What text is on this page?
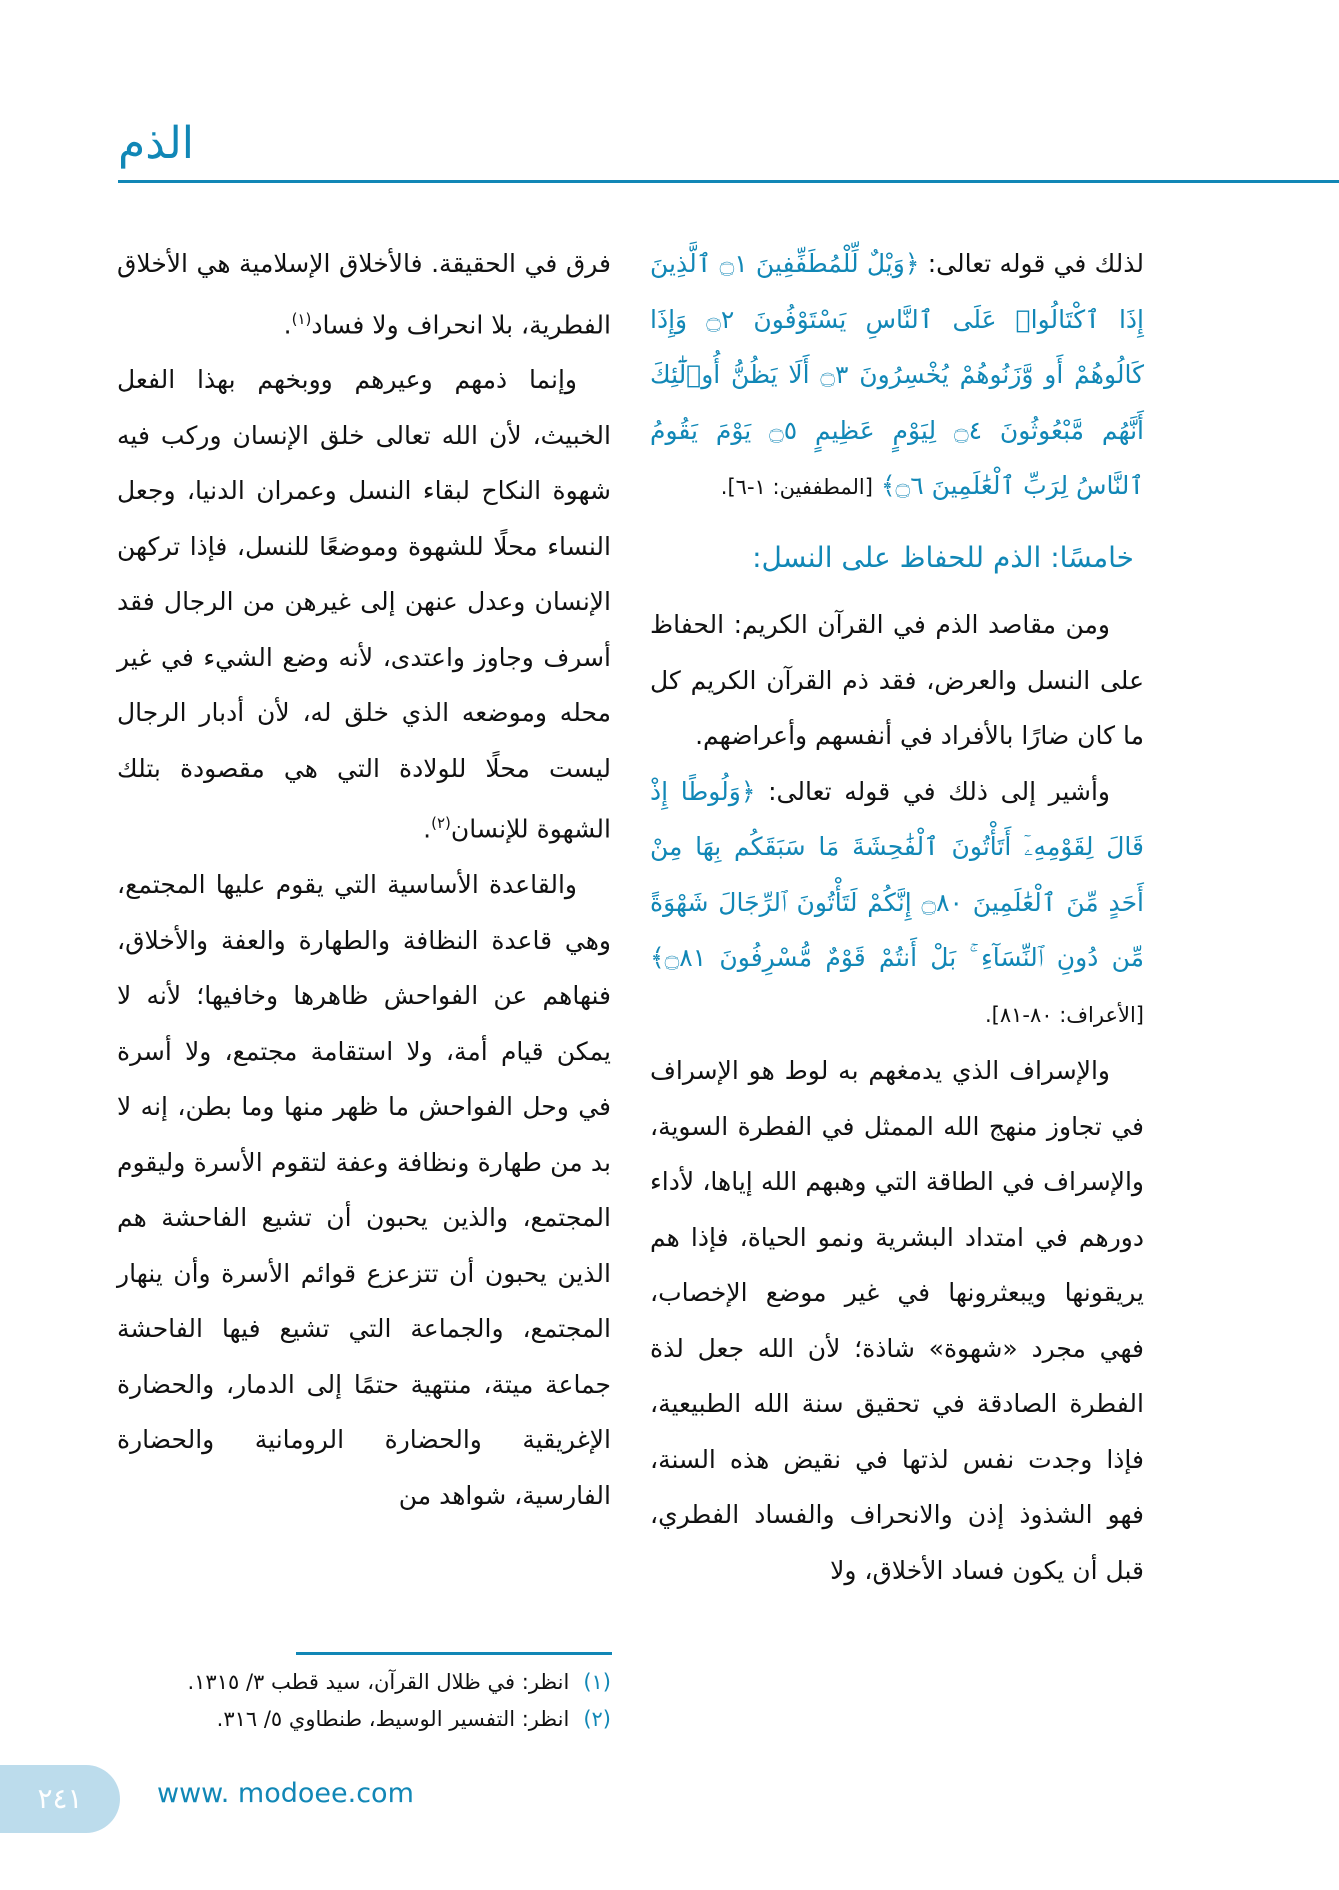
الذم

لذلك في قوله تعالى: ﴿وَيْلٌ لِّلْمُطَفِّفِينَ ۝١ ٱلَّذِينَ إِذَا ٱكْتَالُوا۟ عَلَى ٱلنَّاسِ يَسْتَوْفُونَ ۝٢ وَإِذَا كَالُوهُمْ أَو وَّزَنُوهُمْ يُخْسِرُونَ ۝٣ أَلَا يَظُنُّ أُو۟لَٰٓئِكَ أَنَّهُم مَّبْعُوثُونَ ۝٤ لِيَوْمٍ عَظِيمٍ ۝٥ يَوْمَ يَقُومُ ٱلنَّاسُ لِرَبِّ ٱلْعَٰلَمِينَ ۝٦﴾ [المطففين: ١-٦].

خامسًا: الذم للحفاظ على النسل:

ومن مقاصد الذم في القرآن الكريم: الحفاظ على النسل والعرض، فقد ذم القرآن الكريم كل ما كان ضارًا بالأفراد في أنفسهم وأعراضهم.

وأشير إلى ذلك في قوله تعالى: ﴿وَلُوطًا إِذْ قَالَ لِقَوْمِهِۦٓ أَتَأْتُونَ ٱلْفَٰحِشَةَ مَا سَبَقَكُم بِهَا مِنْ أَحَدٍ مِّنَ ٱلْعَٰلَمِينَ ۝٨٠ إِنَّكُمْ لَتَأْتُونَ ٱلرِّجَالَ شَهْوَةً مِّن دُونِ ٱلنِّسَآءِ ۚ بَلْ أَنتُمْ قَوْمٌ مُّسْرِفُونَ ۝٨١﴾ [الأعراف: ٨٠-٨١].

والإسراف الذي يدمغهم به لوط هو الإسراف في تجاوز منهج الله الممثل في الفطرة السوية، والإسراف في الطاقة التي وهبهم الله إياها، لأداء دورهم في امتداد البشرية ونمو الحياة، فإذا هم يريقونها ويبعثرونها في غير موضع الإخصاب، فهي مجرد «شهوة» شاذة؛ لأن الله جعل لذة الفطرة الصادقة في تحقيق سنة الله الطبيعية، فإذا وجدت نفس لذتها في نقيض هذه السنة، فهو الشذوذ إذن والانحراف والفساد الفطري، قبل أن يكون فساد الأخلاق، ولا

فرق في الحقيقة. فالأخلاق الإسلامية هي الأخلاق الفطرية، بلا انحراف ولا فساد$^{(١)}$.

وإنما ذمهم وعيرهم ووبخهم بهذا الفعل الخبيث، لأن الله تعالى خلق الإنسان وركب فيه شهوة النكاح لبقاء النسل وعمران الدنيا، وجعل النساء محلًا للشهوة وموضعًا للنسل، فإذا تركهن الإنسان وعدل عنهن إلى غيرهن من الرجال فقد أسرف وجاوز واعتدى، لأنه وضع الشيء في غير محله وموضعه الذي خلق له، لأن أدبار الرجال ليست محلًا للولادة التي هي مقصودة بتلك الشهوة للإنسان$^{(٢)}$.

والقاعدة الأساسية التي يقوم عليها المجتمع، وهي قاعدة النظافة والطهارة والعفة والأخلاق، فنهاهم عن الفواحش ظاهرها وخافيها؛ لأنه لا يمكن قيام أمة، ولا استقامة مجتمع، ولا أسرة في وحل الفواحش ما ظهر منها وما بطن، إنه لا بد من طهارة ونظافة وعفة لتقوم الأسرة وليقوم المجتمع، والذين يحبون أن تشيع الفاحشة هم الذين يحبون أن تتزعزع قوائم الأسرة وأن ينهار المجتمع، والجماعة التي تشيع فيها الفاحشة جماعة ميتة، منتهية حتمًا إلى الدمار، والحضارة الإغريقية والحضارة الرومانية والحضارة الفارسية، شواهد من

(١)انظر: في ظلال القرآن، سيد قطب ٣/ ١٣١٥.
(٢)انظر: التفسير الوسيط، طنطاوي ٥/ ٣١٦.
٢٤١	www. modoee.com
